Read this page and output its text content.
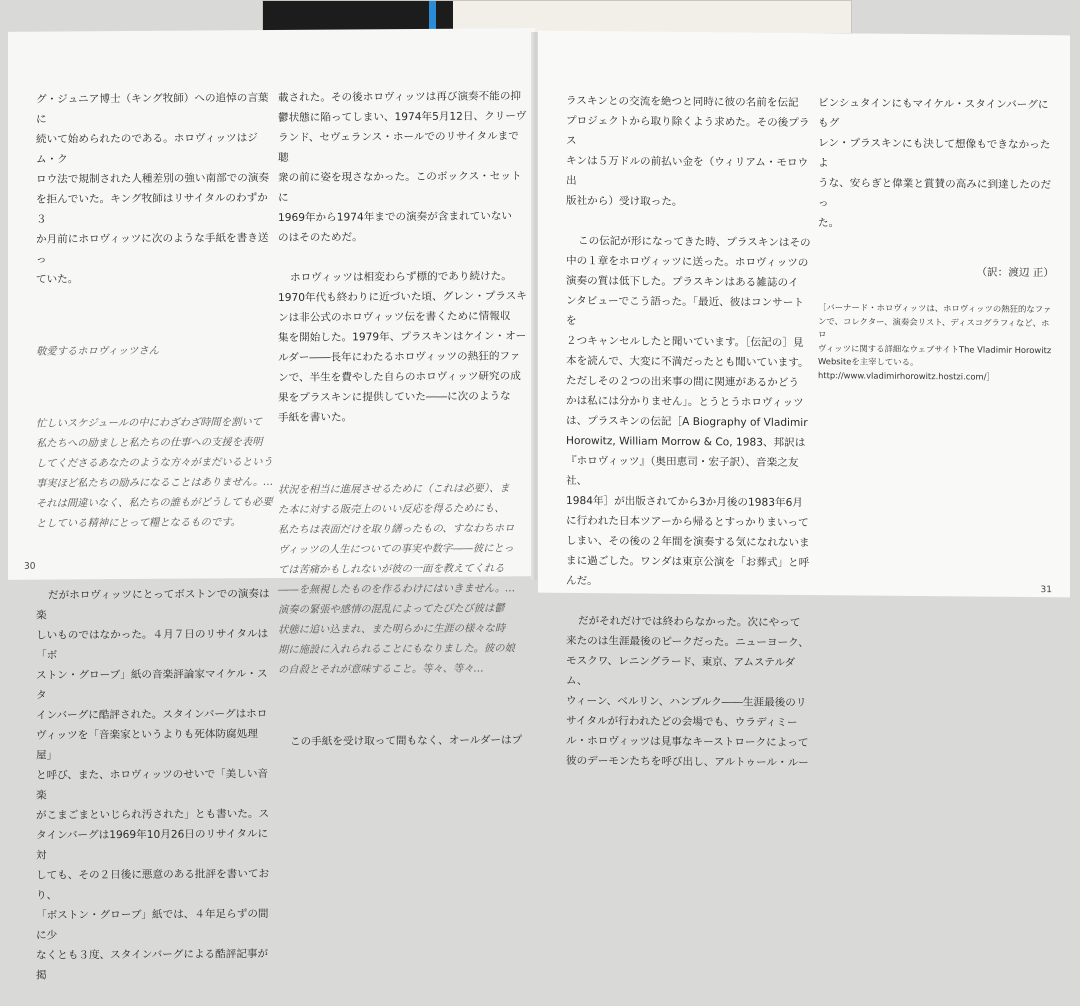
グ・ジュニア博士（キング牧師）への追悼の言葉に
続いて始められたのである。ホロヴィッツはジム・ク
ロウ法で規制された人種差別の強い南部での演奏
を拒んでいた。キング牧師はリサイタルのわずか３
か月前にホロヴィッツに次のような手紙を書き送っ
ていた。

敬愛するホロヴィッツさん

忙しいスケジュールの中にわざわざ時間を割いて
私たちへの励ましと私たちの仕事への支援を表明
してくださるあなたのような方々がまだいるという
事実ほど私たちの励みになることはありません。…
それは間違いなく、私たちの誰もがどうしても必要
としている精神にとって糧となるものです。

だがホロヴィッツにとってボストンでの演奏は楽
しいものではなかった。４月７日のリサイタルは「ボ
ストン・グローブ」紙の音楽評論家マイケル・スタ
インバーグに酷評された。スタインバーグはホロ
ヴィッツを「音楽家というよりも死体防腐処理屋」
と呼び、また、ホロヴィッツのせいで「美しい音楽
がこまごまといじられ汚された」とも書いた。ス
タインバーグは1969年10月26日のリサイタルに対
しても、その２日後に悪意のある批評を書いており、
「ボストン・グローブ」紙では、４年足らずの間に少
なくとも３度、スタインバーグによる酷評記事が掲

載された。その後ホロヴィッツは再び演奏不能の抑
鬱状態に陥ってしまい、1974年5月12日、クリーヴ
ランド、セヴェランス・ホールでのリサイタルまで聴
衆の前に姿を現さなかった。このボックス・セットに
1969年から1974年までの演奏が含まれていない
のはそのためだ。

ホロヴィッツは相変わらず標的であり続けた。
1970年代も終わりに近づいた頃、グレン・プラスキ
ンは非公式のホロヴィッツ伝を書くために情報収
集を開始した。1979年、プラスキンはケイン・オー
ルダー――長年にわたるホロヴィッツの熱狂的ファ
ンで、半生を費やした自らのホロヴィッツ研究の成
果をプラスキンに提供していた――に次のような
手紙を書いた。

状況を相当に進展させるために（これは必要）、ま
た本に対する販売上のいい反応を得るためにも、
私たちは表面だけを取り繕ったもの、すなわちホロ
ヴィッツの人生についての事実や数字――彼にとっ
ては苦痛かもしれないが彼の一面を教えてくれる
――を無視したものを作るわけにはいきません。…
演奏の緊張や感情の混乱によってたびたび彼は鬱
状態に追い込まれ、また明らかに生涯の様々な時
期に施設に入れられることにもなりました。彼の娘
の自殺とそれが意味すること。等々、等々…

この手紙を受け取って間もなく、オールダーはプ

30

ラスキンとの交流を絶つと同時に彼の名前を伝記
プロジェクトから取り除くよう求めた。その後プラス
キンは５万ドルの前払い金を（ウィリアム・モロウ出
版社から）受け取った。

この伝記が形になってきた時、プラスキンはその
中の１章をホロヴィッツに送った。ホロヴィッツの
演奏の質は低下した。プラスキンはある雑誌のイ
ンタビューでこう語った。「最近、彼はコンサートを
２つキャンセルしたと聞いています。［伝記の］見
本を読んで、大変に不満だったとも聞いています。
ただしその２つの出来事の間に関連があるかどう
かは私には分かりません」。とうとうホロヴィッツ
は、プラスキンの伝記［A Biography of Vladimir
Horowitz, William Morrow & Co, 1983、邦訳は
『ホロヴィッツ』（奥田恵司・宏子訳）、音楽之友社、
1984年］が出版されてから3か月後の1983年6月
に行われた日本ツアーから帰るとすっかりまいって
しまい、その後の２年間を演奏する気になれないま
まに過ごした。ワンダは東京公演を「お葬式」と呼
んだ。

だがそれだけでは終わらなかった。次にやって
来たのは生涯最後のピークだった。ニューヨーク、
モスクワ、レニングラード、東京、アムステルダム、
ウィーン、ベルリン、ハンブルク――生涯最後のリ
サイタルが行われたどの会場でも、ウラディミー
ル・ホロヴィッツは見事なキーストロークによって
彼のデーモンたちを呼び出し、アルトゥール・ルー

ビンシュタインにもマイケル・スタインバーグにもグ
レン・プラスキンにも決して想像もできなかったよ
うな、安らぎと偉業と賞賛の高みに到達したのだっ
た。

（訳：渡辺 正）

［バーナード・ホロヴィッツは、ホロヴィッツの熱狂的なファ
ンで、コレクター、演奏会リスト、ディスコグラフィなど、ホロ
ヴィッツに関する詳細なウェブサイトThe Vladimir Horowitz
Websiteを主宰している。
http://www.vladimirhorowitz.hostzi.com/］

31
